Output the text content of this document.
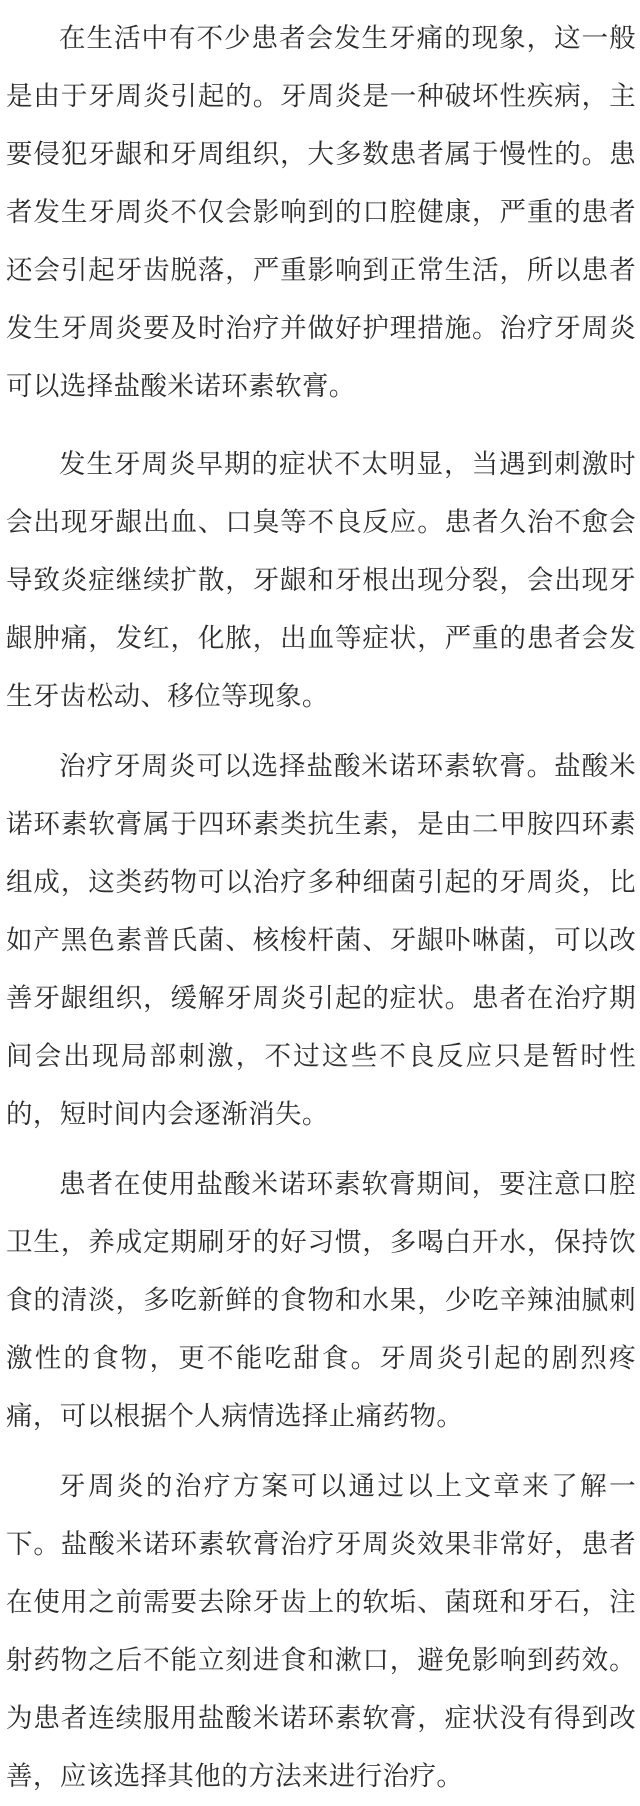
在生活中有不少患者会发生牙痛的现象，这一般是由于牙周炎引起的。牙周炎是一种破坏性疾病，主要侵犯牙龈和牙周组织，大多数患者属于慢性的。患者发生牙周炎不仅会影响到的口腔健康，严重的患者还会引起牙齿脱落，严重影响到正常生活，所以患者发生牙周炎要及时治疗并做好护理措施。治疗牙周炎可以选择盐酸米诺环素软膏。

发生牙周炎早期的症状不太明显，当遇到刺激时会出现牙龈出血、口臭等不良反应。患者久治不愈会导致炎症继续扩散，牙龈和牙根出现分裂，会出现牙龈肿痛，发红，化脓，出血等症状，严重的患者会发生牙齿松动、移位等现象。

治疗牙周炎可以选择盐酸米诺环素软膏。盐酸米诺环素软膏属于四环素类抗生素，是由二甲胺四环素组成，这类药物可以治疗多种细菌引起的牙周炎，比如产黑色素普氏菌、核梭杆菌、牙龈卟啉菌，可以改善牙龈组织，缓解牙周炎引起的症状。患者在治疗期间会出现局部刺激，不过这些不良反应只是暂时性的，短时间内会逐渐消失。

患者在使用盐酸米诺环素软膏期间，要注意口腔卫生，养成定期刷牙的好习惯，多喝白开水，保持饮食的清淡，多吃新鲜的食物和水果，少吃辛辣油腻刺激性的食物，更不能吃甜食。牙周炎引起的剧烈疼痛，可以根据个人病情选择止痛药物。

牙周炎的治疗方案可以通过以上文章来了解一下。盐酸米诺环素软膏治疗牙周炎效果非常好，患者在使用之前需要去除牙齿上的软垢、菌斑和牙石，注射药物之后不能立刻进食和漱口，避免影响到药效。为患者连续服用盐酸米诺环素软膏，症状没有得到改善，应该选择其他的方法来进行治疗。
